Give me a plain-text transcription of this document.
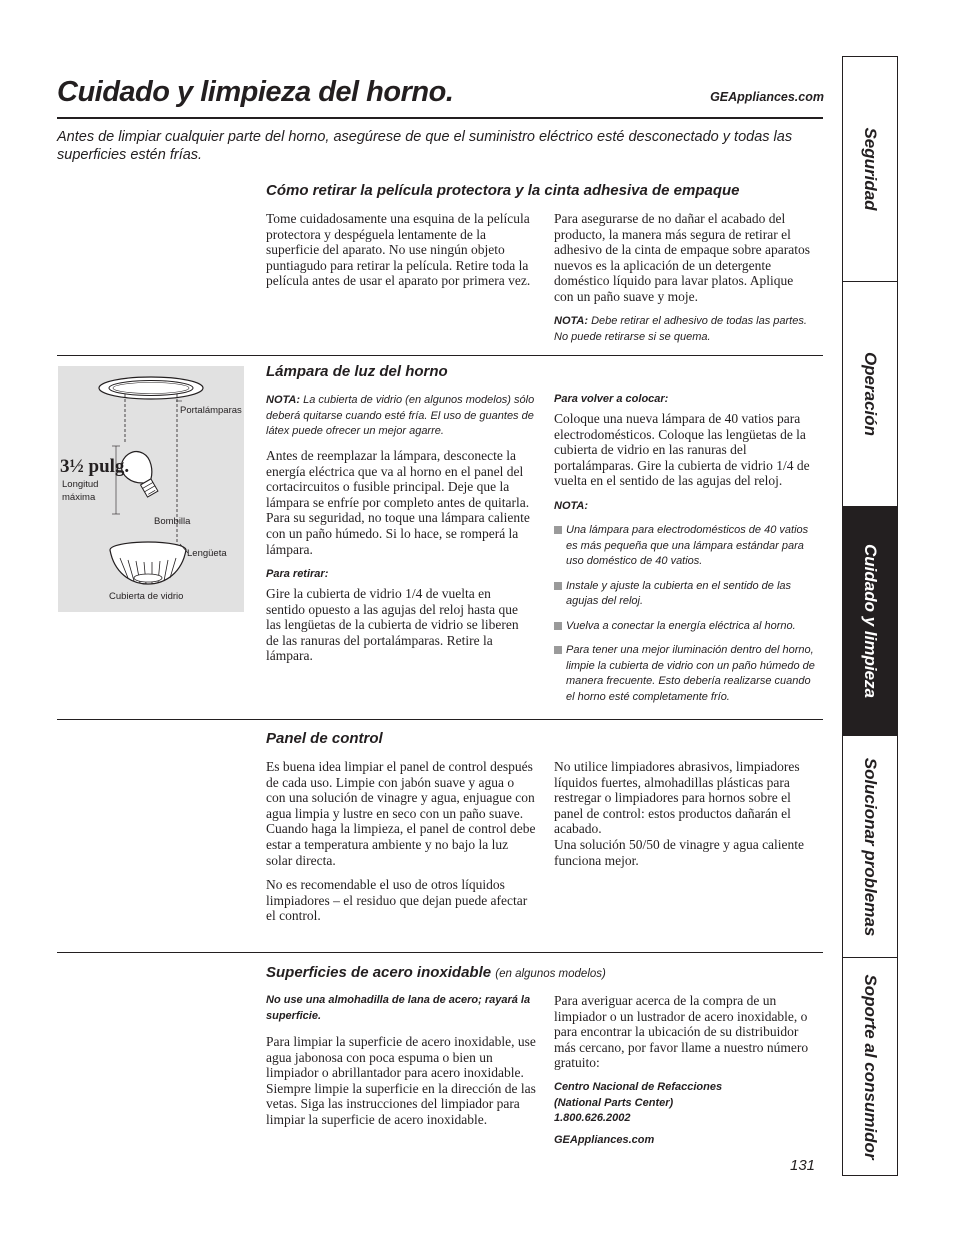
Cuidado y limpieza del horno.	GEAppliances.com
Antes de limpiar cualquier parte del horno, asegúrese de que el suministro eléctrico esté desconectado y todas las superficies estén frías.
Cómo retirar la película protectora y la cinta adhesiva de empaque
Tome cuidadosamente una esquina de la película protectora y despéguela lentamente de la superficie del aparato. No use ningún objeto puntiagudo para retirar la película. Retire toda la película antes de usar el aparato por primera vez.
Para asegurarse de no dañar el acabado del producto, la manera más segura de retirar el adhesivo de la cinta de empaque sobre aparatos nuevos es la aplicación de un detergente doméstico líquido para lavar platos. Aplique con un paño suave y moje.
NOTA: Debe retirar el adhesivo de todas las partes. No puede retirarse si se quema.
Portalámparas
3½ pulg.
Longitud
máxima
Bombilla
Lengüeta
Cubierta de vidrio
Lámpara de luz del horno
NOTA: La cubierta de vidrio (en algunos modelos) sólo deberá quitarse cuando esté fría. El uso de guantes de látex puede ofrecer un mejor agarre.
Antes de reemplazar la lámpara, desconecte la energía eléctrica que va al horno en el panel del cortacircuitos o fusible principal. Deje que la lámpara se enfríe por completo antes de quitarla. Para su seguridad, no toque una lámpara caliente con un paño húmedo. Si lo hace, se romperá la lámpara.
Para retirar:
Gire la cubierta de vidrio 1/4 de vuelta en sentido opuesto a las agujas del reloj hasta que las lengüetas de la cubierta de vidrio se liberen de las ranuras del portalámparas. Retire la lámpara.
Para volver a colocar:
Coloque una nueva lámpara de 40 vatios para electrodomésticos. Coloque las lengüetas de la cubierta de vidrio en las ranuras del portalámparas. Gire la cubierta de vidrio 1/4 de vuelta en el sentido de las agujas del reloj.
NOTA:
Una lámpara para electrodomésticos de 40 vatios es más pequeña que una lámpara estándar para uso doméstico de 40 vatios.
Instale y ajuste la cubierta en el sentido de las agujas del reloj.
Vuelva a conectar la energía eléctrica al horno.
Para tener una mejor iluminación dentro del horno, limpie la cubierta de vidrio con un paño húmedo de manera frecuente. Esto debería realizarse cuando el horno esté completamente frío.
Panel de control

Es buena idea limpiar el panel de control después de cada uso. Limpie con jabón suave y agua o con una solución de vinagre y agua, enjuague con agua limpia y lustre en seco con un paño suave. Cuando haga la limpieza, el panel de control debe estar a temperatura ambiente y no bajo la luz solar directa.

No es recomendable el uso de otros líquidos limpiadores – el residuo que dejan puede afectar el control.

No utilice limpiadores abrasivos, limpiadores líquidos fuertes, almohadillas plásticas para restregar o limpiadores para hornos sobre el panel de control: estos productos dañarán el acabado.
Una solución 50/50 de vinagre y agua caliente funciona mejor.
Superficies de acero inoxidable (en algunos modelos)
No use una almohadilla de lana de acero; rayará la superficie.
Para limpiar la superficie de acero inoxidable, use agua jabonosa con poca espuma o bien un limpiador o abrillantador para acero inoxidable. Siempre limpie la superficie en la dirección de las vetas. Siga las instrucciones del limpiador para limpiar la superficie de acero inoxidable.
Para averiguar acerca de la compra de un limpiador o un lustrador de acero inoxidable, o para encontrar la ubicación de su distribuidor más cercano, por favor llame a nuestro número gratuito:
Centro Nacional de Refacciones
(National Parts Center)
1.800.626.2002
GEAppliances.com
131
Seguridad
Operación
Cuidado y limpieza
Solucionar problemas
Soporte al consumidor
